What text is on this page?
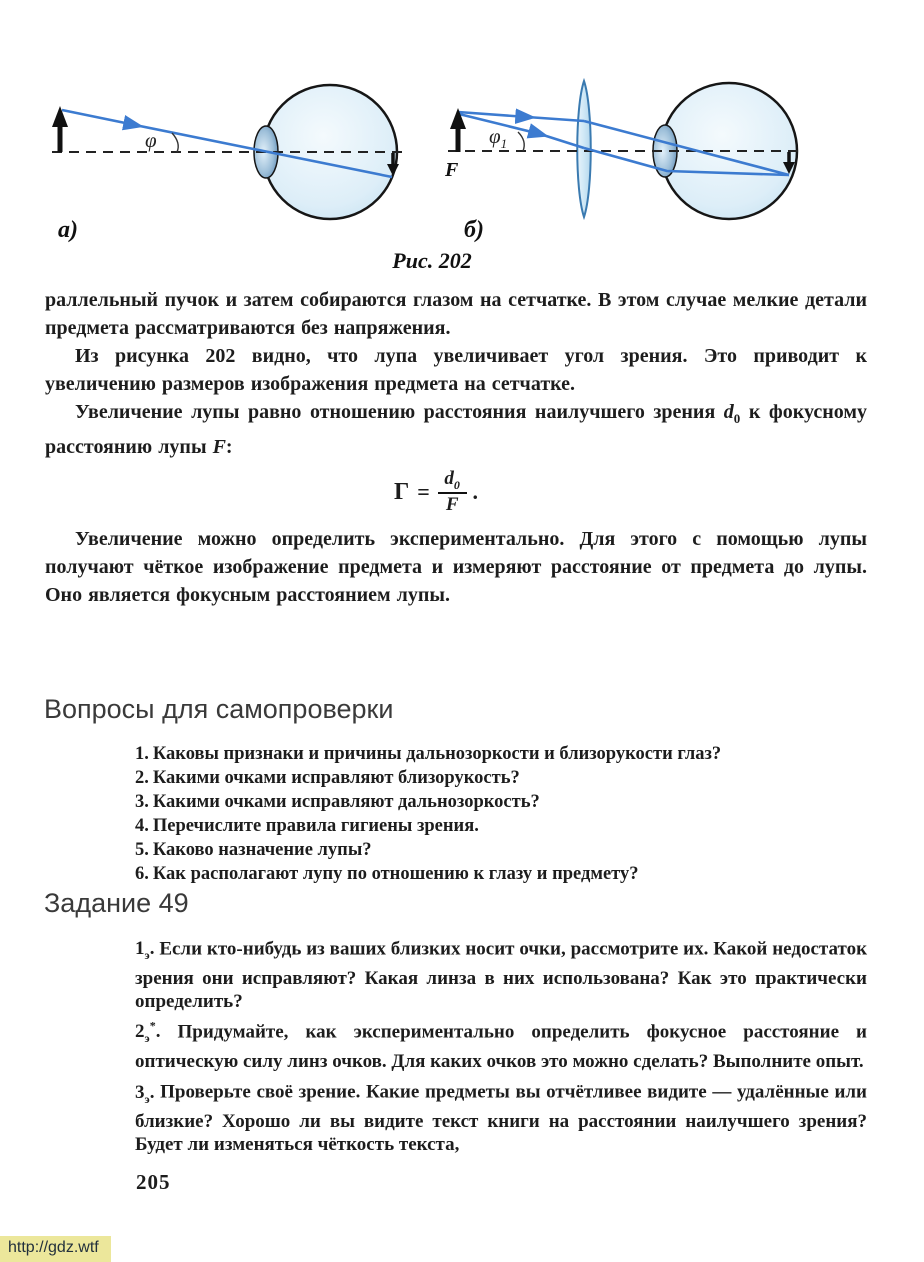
φ
а)
F
$\varphi_1$
б)
Рис. 202

раллельный пучок и затем собираются глазом на сетчатке. В этом случае мелкие детали предмета рассматриваются без напряжения.

Из рисунка 202 видно, что лупа увеличивает угол зрения. Это приводит к увеличению размеров изображения предмета на сетчатке.

Увеличение лупы равно отношению расстояния наилучшего зрения $d_0$ к фокусному расстоянию лупы F:

$\Gamma = \frac{d_0}{F}$ .

Увеличение можно определить экспериментально. Для этого с помощью лупы получают чёткое изображение предмета и измеряют расстояние от предмета до лупы. Оно является фокусным расстоянием лупы.

Вопросы для самопроверки
1. Каковы признаки и причины дальнозоркости и близорукости глаз?
2. Какими очками исправляют близорукость?
3. Какими очками исправляют дальнозоркость?
4. Перечислите правила гигиены зрения.
5. Каково назначение лупы?
6. Как располагают лупу по отношению к глазу и предмету?
Задание 49
$1_э$. Если кто-нибудь из ваших близких носит очки, рассмотрите их. Какой недостаток зрения они исправляют? Какая линза в них использована? Как это практически определить?
$2_э^*$. Придумайте, как экспериментально определить фокусное расстояние и оптическую силу линз очков. Для каких очков это можно сделать? Выполните опыт.
$3_э$. Проверьте своё зрение. Какие предметы вы отчётливее видите — удалённые или близкие? Хорошо ли вы видите текст книги на расстоянии наилучшего зрения? Будет ли изменяться чёткость текста,
205
http://gdz.wtf
